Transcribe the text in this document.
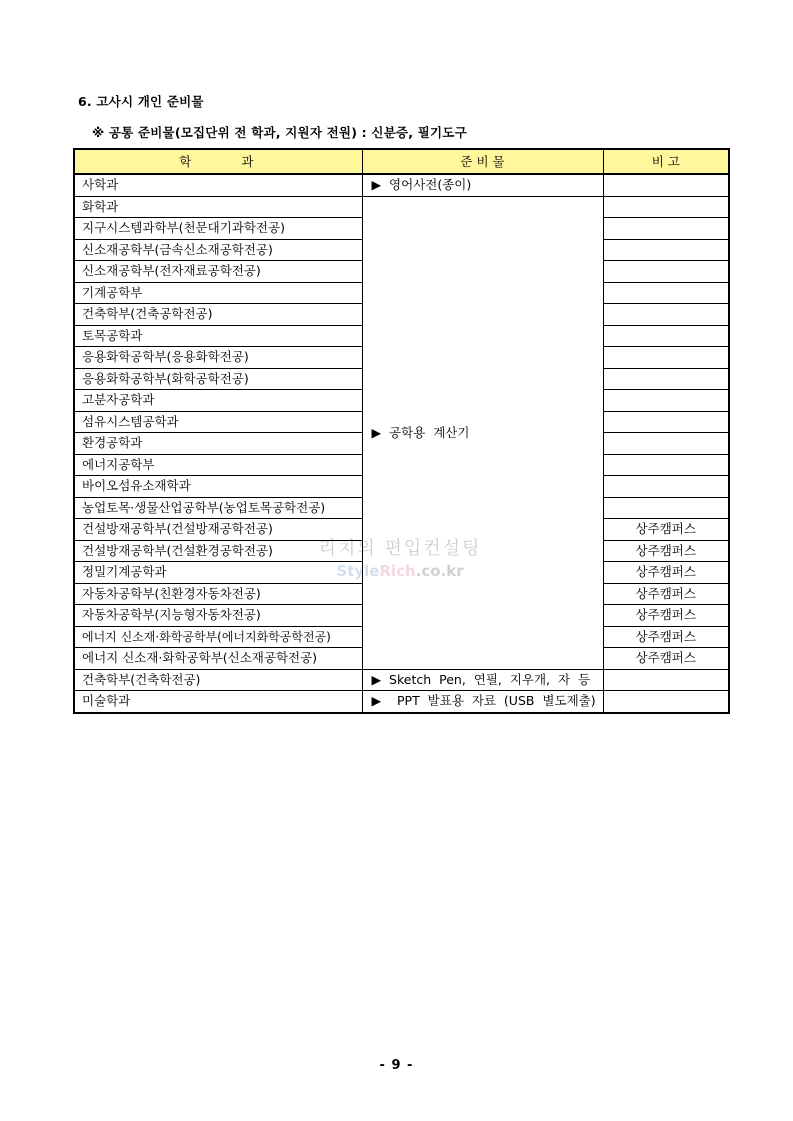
6. 고사시 개인 준비물
※ 공통 준비물(모집단위 전 학과, 지원자 전원) : 신분증, 필기도구
학      과	준 비 물	비 고
사학과	▶  영어사전(종이)	
화학과	▶  공학용  계산기	
지구시스템과학부(천문대기과학전공)		
신소재공학부(금속신소재공학전공)		
신소재공학부(전자재료공학전공)		
기계공학부		
건축학부(건축공학전공)		
토목공학과		
응용화학공학부(응용화학전공)		
응용화학공학부(화학공학전공)		
고분자공학과		
섬유시스템공학과		
환경공학과		
에너지공학부		
바이오섬유소재학과		
농업토목·생물산업공학부(농업토목공학전공)		
건설방재공학부(건설방재공학전공)		상주캠퍼스
건설방재공학부(건설환경공학전공)		상주캠퍼스
정밀기계공학과		상주캠퍼스
자동차공학부(친환경자동차전공)		상주캠퍼스
자동차공학부(지능형자동차전공)		상주캠퍼스
에너지 신소재·화학공학부(에너지화학공학전공)		상주캠퍼스
에너지 신소재·화학공학부(신소재공학전공)		상주캠퍼스
건축학부(건축학전공)	▶  Sketch  Pen,  연필,  지우개,  자  등	
미술학과	▶    PPT  발표용  자료  (USB  별도제출)	
리치의 편입컨설팅
StyleRich.co.kr
- 9 -
